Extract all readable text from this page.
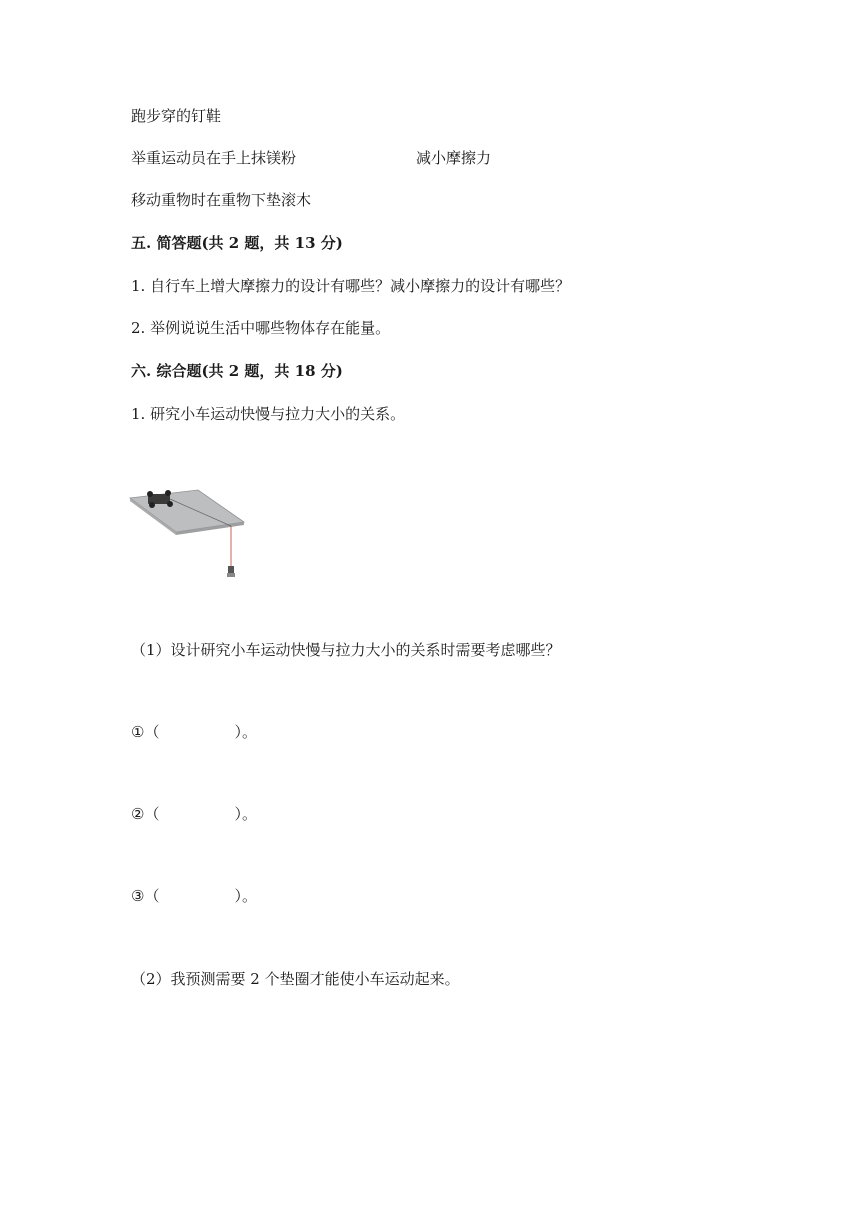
跑步穿的钉鞋
举重运动员在手上抹镁粉	减小摩擦力
移动重物时在重物下垫滚木
五. 简答题(共 2 题，共 13 分)
1. 自行车上增大摩擦力的设计有哪些？减小摩擦力的设计有哪些？
2. 举例说说生活中哪些物体存在能量。
六. 综合题(共 2 题，共 18 分)
1. 研究小车运动快慢与拉力大小的关系。
（1）设计研究小车运动快慢与拉力大小的关系时需要考虑哪些？
①（	）。
②（	）。
③（	）。
（2）我预测需要 2 个垫圈才能使小车运动起来。
